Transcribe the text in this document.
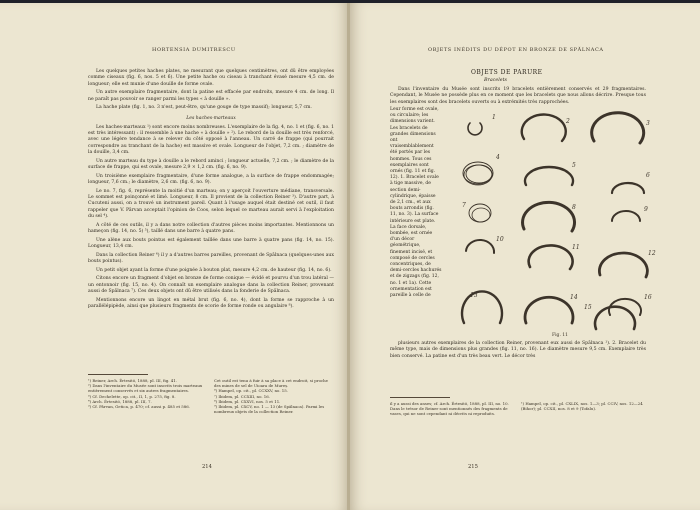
HORTENSIA DUMITRESCU

Les quelques petites haches plates, ne mesurant que quelques centimètres, ont dû être employées comme ciseaux (fig. 6, nos. 5 et 6). Une petite hache ou ciseau à tranchant évasé mesure 4,5 cm. de longueur; elle est munie d'une douille de forme ovale.

Un autre exemplaire fragmentaire, dont la patine est effacée par endroits, mesure 4 cm. de long. Il ne paraît pas pouvoir se ranger parmi les types « à douille ».

La hache plate (fig. 1, no. 3 n'est, peut-être, qu'une gouge de type massif); longueur, 5,7 cm.

Les haches-marteaux

Les haches-marteaux ¹) sont encore moins nombreuses. L'exemplaire de la fig. 4, no. 1 et (fig. 6, no. 1 est très intéressant) : il ressemble à une hache « à douille » ²). Le rebord de la douille est très renforcé, avec une légère tendance à se relever du côté opposé à l'anneau. Un carré de frappe (qui pourrait correspondre au tranchant de la hache) est massive et ovale. Longueur de l'objet, 7,2 cm. ; diamètre de la douille, 3,4 cm.

Un autre marteau du type à douille a le rebord aminci ; longueur actuelle, 7,2 cm. ; le diamètre de la surface de frappe, qui est ovale, mesure 2,9 × 1,2 cm. (fig. 6, no. 9).

Un troisième exemplaire fragmentaire, d'une forme analogue, a la surface de frappe endommagée; longueur, 7,6 cm.; le diamètre, 2,6 cm. (fig. 6, no. 9).

Le no. 7, fig. 6, représente la moitié d'un marteau; on y aperçoit l'ouverture médiane, transversale. Le sommet est poinçonné et limé. Longueur, 8 cm. Il provient de la collection Reiner ³). D'autre part, à Cucuteni aussi, on a trouvé un instrument pareil. Quant à l'usage auquel était destiné cet outil, il faut rappeler que V. Pârvan acceptait l'opinion de Coos, selon lequel ce marteau aurait servi à l'exploitation du sel ⁴).

A côté de ces outils, il y a dans notre collection d'autres pièces moins importantes. Mentionnons un hameçon (fig. 14, no. 5) ⁵), taillé dans une barre à quatre pans.

Une alène aux bouts pointus est également taillée dans une barre à quatre pans (fig. 14, no. 15). Longueur, 13,4 cm.

Dans la collection Reiner ⁶) il y a d'autres barres pareilles, provenant de Spălnaca (quelques-unes aux bouts pointus).

Un petit objet ayant la forme d'une poignée à bouton plat, mesure 4,2 cm. de hauteur (fig. 14, no. 6).

Citons encore un fragment d'objet en bronze de forme conique — évidé et pourvu d'un trou latéral — un entonnoir (fig. 15, no. 4). On connaît un exemplaire analogue dans la collection Reiner, provenant aussi de Spălnaca ⁷). Ces deux objets ont dû être utilisés dans la fonderie de Spălnaca.

Mentionnons encore un lingot en métal brut (fig. 6, no. 4), dont la forme se rapproche à un parallélépipède, ainsi que plusieurs fragments de scorie de forme ronde ou angulaire ⁸).

¹) Reiner, Arch. Értesitö, 1888, pl. III, fig. 41.
²) Dans l'inventaire du Musée sont inscrits trois marteaux entièrement conservés et six autres fragmentaires.
³) Cf. Dechelette, op. cit., II, 1, p. 275, fig. 8.
⁴) Arch. Értesitö, 1888, pl. III, 7.
⁵) Cf. Pârvan, Getica, p. 470; cf. aussi p. 485 et 586.
Cet outil est tenu à fuir à sa place à cet endroit, si proche des mines de sel de Uioara de Mureș.
⁶) Hampel, op. cit., pl. CCXXV, no. 15.
⁷) Ibidem, pl. CCXIII, no. 16.
⁸) Ibidem, pl. CXXVI, nos. 5 et 11.
⁹) Ibidem, pl. CXCV, no. 1 — 13 (de Spălnaca). Parmi les nombreux objets de la collection Reiner.
214
OBJETS INÉDITS DU DÉPOT EN BRONZE DE SPĂLNACA
OBJETS DE PARURE
Bracelets

Dans l'inventaire du Musée sont inscrits 19 bracelets entièrement conservés et 29 fragmentaires. Cependant, le Musée ne possède plus en ce moment que les bracelets que nous allons décrire. Presque tous les exemplaires sont des bracelets ouverts ou à extrémités très rapprochées.

Leur forme est ovale, ou circulaire; les dimensions varient. Les bracelets de grandes dimensions ont vraisemblablement été portés par les hommes. Tous ces exemplaires sont ornés (fig. 11 et fig. 12). 1. Bracelet ovale à tige massive, de section demi-cylindrique, épaisse de 2,1 cm., et aux bouts arrondis (fig. 11, no. 3). La surface intérieure est plate. La face dorsale, bombée, est ornée d'un décor géométrique, finement incisé, et composé de cercles concentriques, de demi-cercles hachurés et de zigzags (fig. 12, no. 1 et 1a). Cette ornementation est pareille à celle de
1
2	3
4
5
6
7	8	9
10
11
12
13	14
15
16
Fig. 11

plusieurs autres exemplaires de la collection Reiner, provenant eux aussi de Spălnaca ¹). 2. Bracelet du même type, mais de dimensions plus grandes (fig. 11, no. 16). Le diamètre mesure 9,5 cm. Exemplaire très bien conservé. La patine est d'un très beau vert. Le décor très

il y a aussi des anses; cf. Arch. Értesitö, 1888, pl. III, no. 10. Dans le trésor de Reiner sont mentionnés des fragments de vases, qui ne sont cependant ni décrits ni reproduits.
¹) Hampel, op. cit., pl. CXLIX, nos. 1—3; pl. CCIV, nos. 12—24 (Bihor); pl. CCXII, nos. 8 et 9 (Tofalu).
215
